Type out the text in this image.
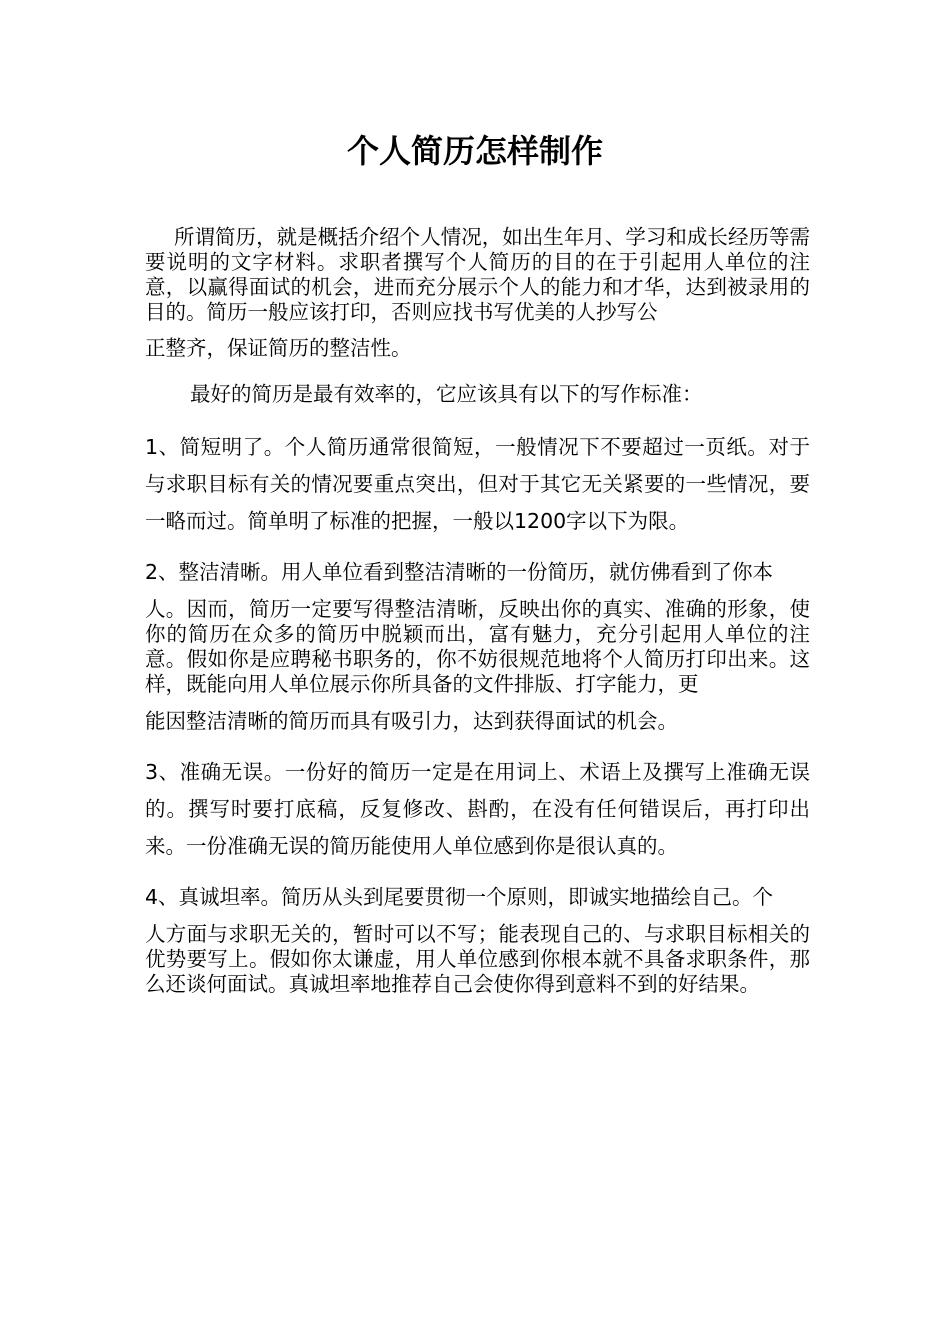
个人简历怎样制作

所谓简历，就是概括介绍个人情况，如出生年月、学习和成长经历等需要说明的文字材料。求职者撰写个人简历的目的在于引起用人单位的注意，以赢得面试的机会，进而充分展示个人的能力和才华，达到被录用的目的。简历一般应该打印，否则应找书写优美的人抄写公
正整齐，保证简历的整洁性。

最好的简历是最有效率的，它应该具有以下的写作标准：

1、简短明了。个人简历通常很简短，一般情况下不要超过一页纸。对于与求职目标有关的情况要重点突出，但对于其它无关紧要的一些情况，要一略而过。简单明了标准的把握，一般以1200字以下为限。

2、整洁清晰。用人单位看到整洁清晰的一份简历，就仿佛看到了你本
人。因而，简历一定要写得整洁清晰，反映出你的真实、准确的形象，使你的简历在众多的简历中脱颖而出，富有魅力，充分引起用人单位的注意。假如你是应聘秘书职务的，你不妨很规范地将个人简历打印出来。这样，既能向用人单位展示你所具备的文件排版、打字能力，更
能因整洁清晰的简历而具有吸引力，达到获得面试的机会。

3、准确无误。一份好的简历一定是在用词上、术语上及撰写上准确无误的。撰写时要打底稿，反复修改、斟酌，在没有任何错误后，再打印出来。一份准确无误的简历能使用人单位感到你是很认真的。

4、真诚坦率。简历从头到尾要贯彻一个原则，即诚实地描绘自己。个
人方面与求职无关的，暂时可以不写；能表现自己的、与求职目标相关的优势要写上。假如你太谦虚，用人单位感到你根本就不具备求职条件，那么还谈何面试。真诚坦率地推荐自己会使你得到意料不到的好结果。
